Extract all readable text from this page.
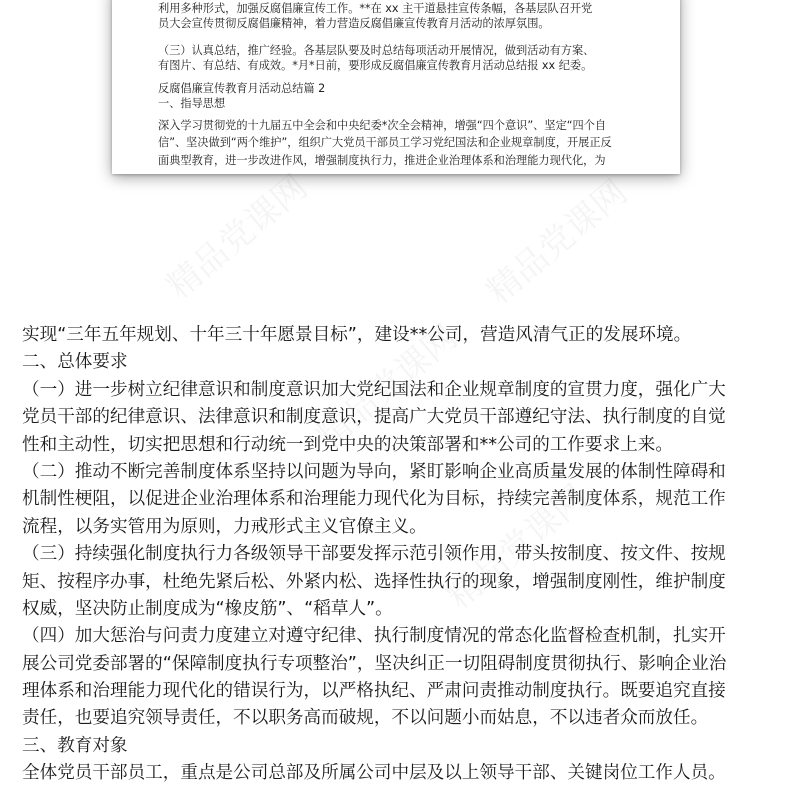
利用多种形式，加强反腐倡廉宣传工作。**在 xx 主干道悬挂宣传条幅，各基层队召开党
员大会宣传贯彻反腐倡廉精神，着力营造反腐倡廉宣传教育月活动的浓厚氛围。
（三）认真总结，推广经验。各基层队要及时总结每项活动开展情况，做到活动有方案、
有图片、有总结、有成效。*月*日前，要形成反腐倡廉宣传教育月活动总结报 xx 纪委。
反腐倡廉宣传教育月活动总结篇 2
一、指导思想
深入学习贯彻党的十九届五中全会和中央纪委*次全会精神，增强“四个意识”、坚定“四个自
信”、坚决做到“两个维护”，组织广大党员干部员工学习党纪国法和企业规章制度，开展正反
面典型教育，进一步改进作风，增强制度执行力，推进企业治理体系和治理能力现代化，为
实现“三年五年规划、十年三十年愿景目标”，建设**公司，营造风清气正的发展环境。
二、总体要求
（一）进一步树立纪律意识和制度意识加大党纪国法和企业规章制度的宣贯力度，强化广大
党员干部的纪律意识、法律意识和制度意识，提高广大党员干部遵纪守法、执行制度的自觉
性和主动性，切实把思想和行动统一到党中央的决策部署和**公司的工作要求上来。
（二）推动不断完善制度体系坚持以问题为导向，紧盯影响企业高质量发展的体制性障碍和
机制性梗阻，以促进企业治理体系和治理能力现代化为目标，持续完善制度体系，规范工作
流程，以务实管用为原则，力戒形式主义官僚主义。
（三）持续强化制度执行力各级领导干部要发挥示范引领作用，带头按制度、按文件、按规
矩、按程序办事，杜绝先紧后松、外紧内松、选择性执行的现象，增强制度刚性，维护制度
权威，坚决防止制度成为“橡皮筋”、“稻草人”。
（四）加大惩治与问责力度建立对遵守纪律、执行制度情况的常态化监督检查机制，扎实开
展公司党委部署的“保障制度执行专项整治”，坚决纠正一切阻碍制度贯彻执行、影响企业治
理体系和治理能力现代化的错误行为，以严格执纪、严肃问责推动制度执行。既要追究直接
责任，也要追究领导责任，不以职务高而破规，不以问题小而姑息，不以违者众而放任。
三、教育对象
全体党员干部员工，重点是公司总部及所属公司中层及以上领导干部、关键岗位工作人员。
